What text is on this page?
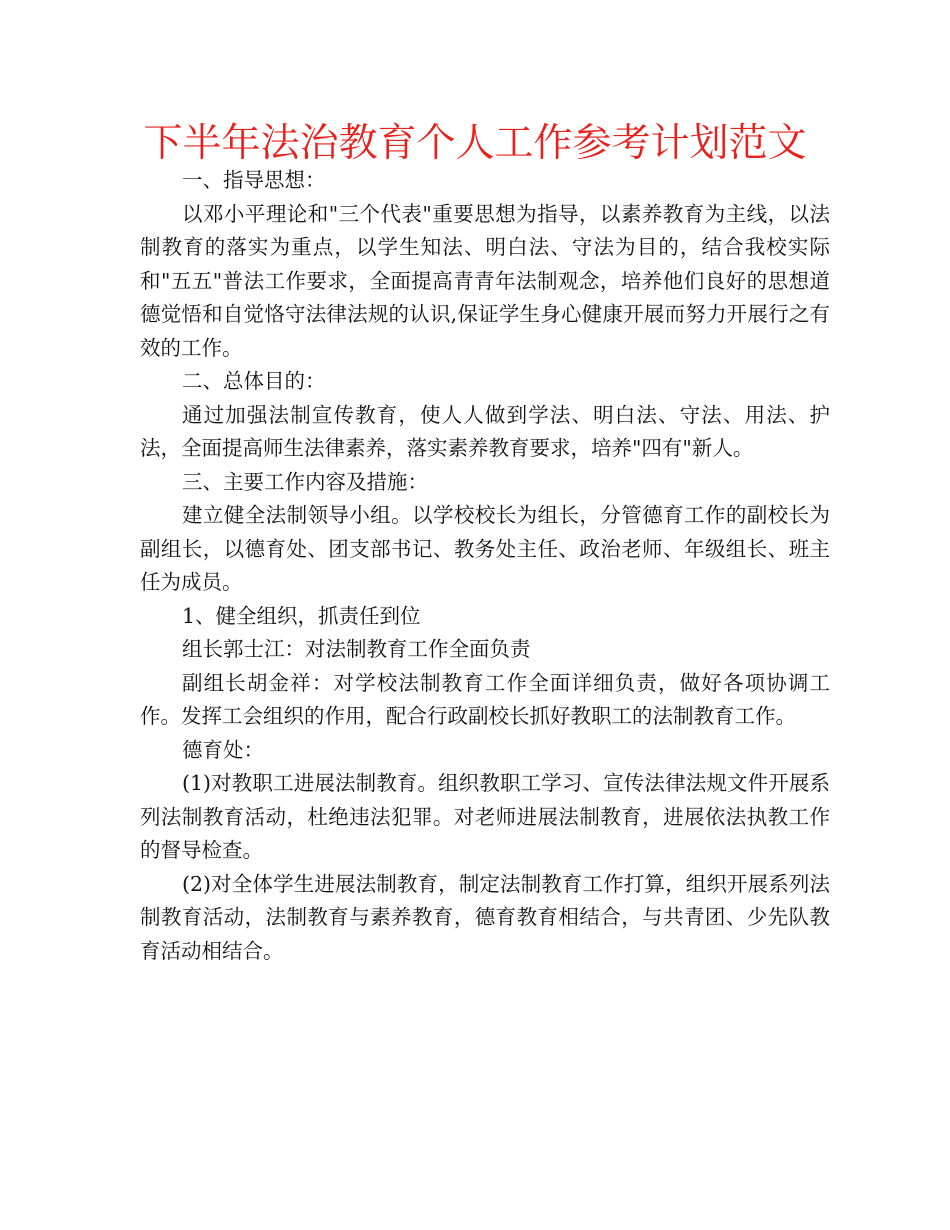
下半年法治教育个人工作参考计划范文

一、指导思想：

以邓小平理论和"三个代表"重要思想为指导，以素养教育为主线，以法制教育的落实为重点，以学生知法、明白法、守法为目的，结合我校实际和"五五"普法工作要求，全面提高青青年法制观念，培养他们良好的思想道德觉悟和自觉恪守法律法规的认识,保证学生身心健康开展而努力开展行之有效的工作。

二、总体目的：

通过加强法制宣传教育，使人人做到学法、明白法、守法、用法、护法，全面提高师生法律素养，落实素养教育要求，培养"四有"新人。

三、主要工作内容及措施：

建立健全法制领导小组。以学校校长为组长，分管德育工作的副校长为副组长，以德育处、团支部书记、教务处主任、政治老师、年级组长、班主任为成员。

1、健全组织，抓责任到位

组长郭士江：对法制教育工作全面负责

副组长胡金祥：对学校法制教育工作全面详细负责，做好各项协调工作。发挥工会组织的作用，配合行政副校长抓好教职工的法制教育工作。

德育处：

(1)对教职工进展法制教育。组织教职工学习、宣传法律法规文件开展系列法制教育活动，杜绝违法犯罪。对老师进展法制教育，进展依法执教工作的督导检查。

(2)对全体学生进展法制教育，制定法制教育工作打算，组织开展系列法制教育活动，法制教育与素养教育，德育教育相结合，与共青团、少先队教育活动相结合。
